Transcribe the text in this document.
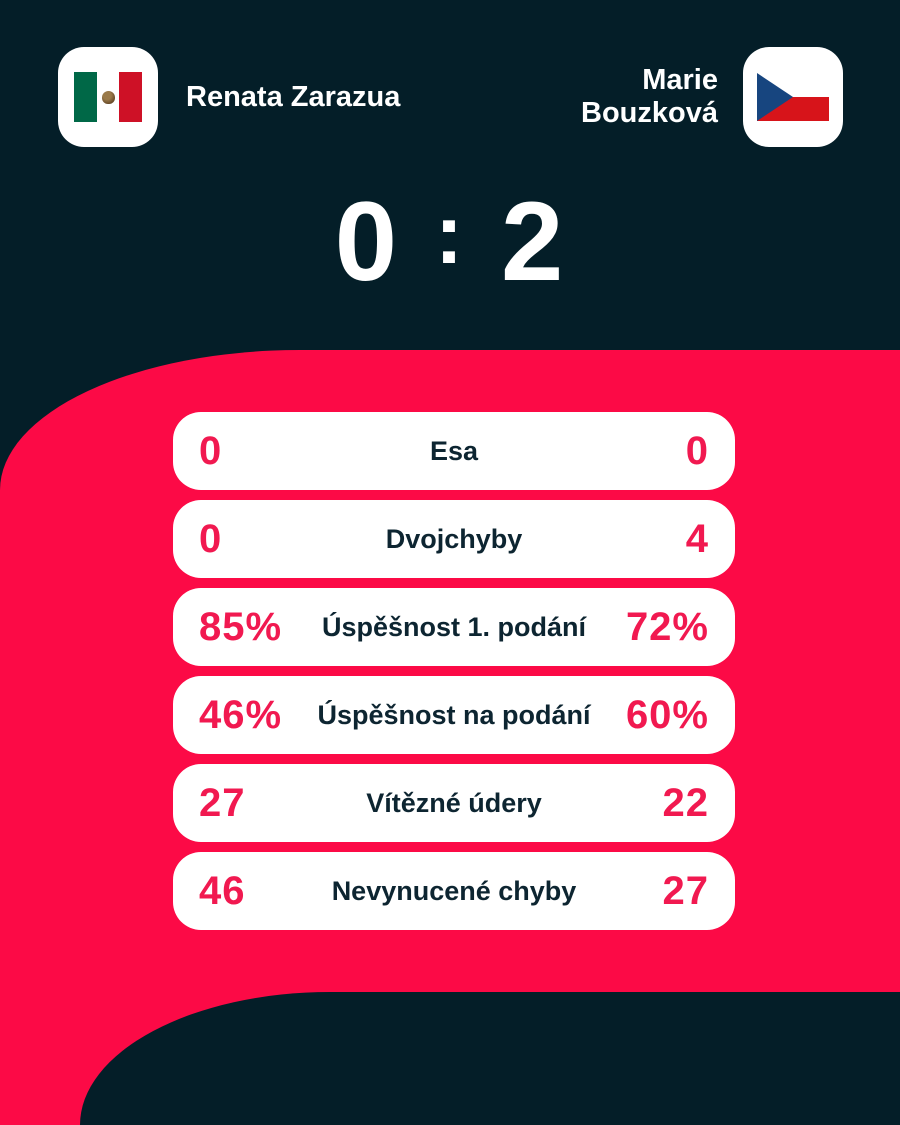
Renata Zarazua
Marie
Bouzková
0 : 2
0	Esa	0
0	Dvojchyby	4
85%	Úspěšnost 1. podání 72%
46%	Úspěšnost na podání 60%
27	Vítězné údery	22
46	Nevynucené chyby	27
